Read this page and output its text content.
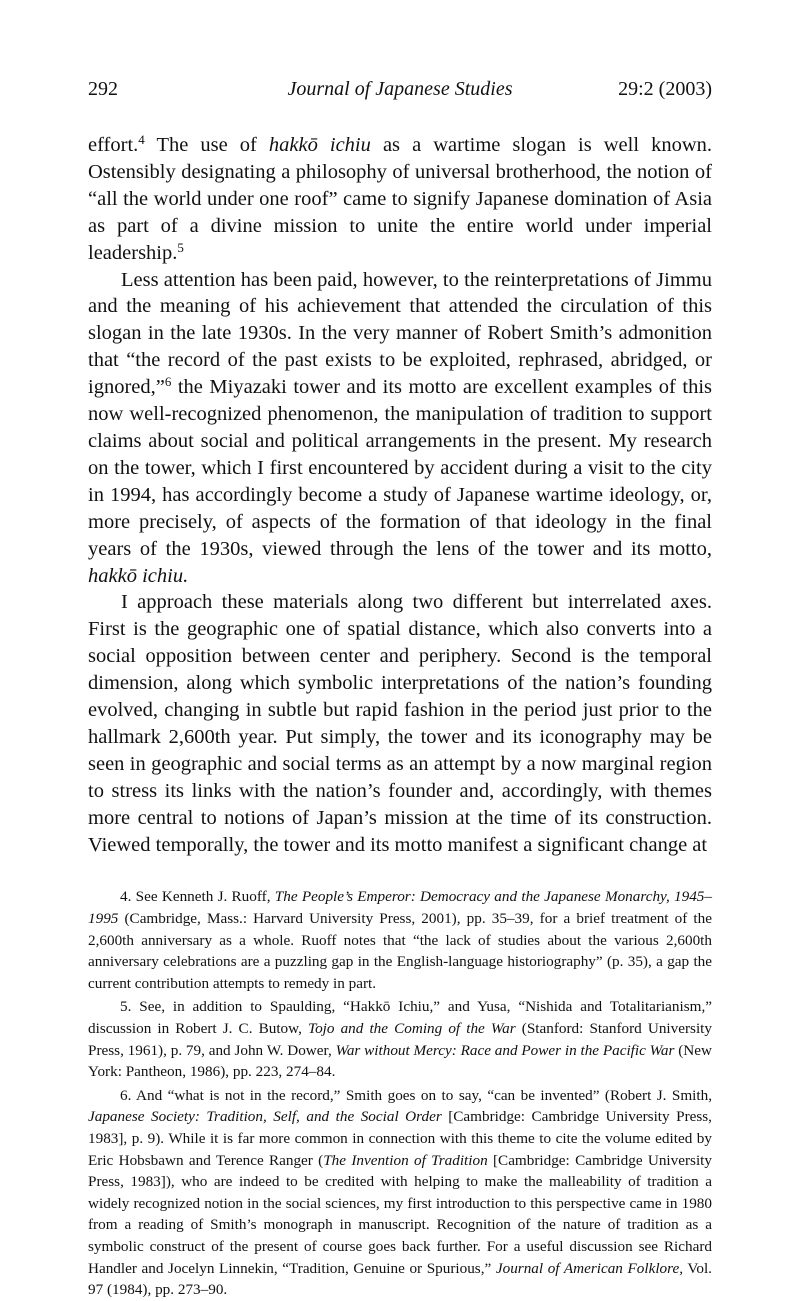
292	Journal of Japanese Studies	29:2 (2003)

effort.$^4$ The use of hakkō ichiu as a wartime slogan is well known. Ostensibly designating a philosophy of universal brotherhood, the notion of “all the world under one roof” came to signify Japanese domination of Asia as part of a divine mission to unite the entire world under imperial leadership.$^5$

Less attention has been paid, however, to the reinterpretations of Jimmu and the meaning of his achievement that attended the circulation of this slogan in the late 1930s. In the very manner of Robert Smith’s admonition that “the record of the past exists to be exploited, rephrased, abridged, or ignored,”$^6$ the Miyazaki tower and its motto are excellent examples of this now well-recognized phenomenon, the manipulation of tradition to support claims about social and political arrangements in the present. My research on the tower, which I first encountered by accident during a visit to the city in 1994, has accordingly become a study of Japanese wartime ideology, or, more precisely, of aspects of the formation of that ideology in the final years of the 1930s, viewed through the lens of the tower and its motto, hakkō ichiu.

I approach these materials along two different but interrelated axes. First is the geographic one of spatial distance, which also converts into a social opposition between center and periphery. Second is the temporal dimension, along which symbolic interpretations of the nation’s founding evolved, changing in subtle but rapid fashion in the period just prior to the hallmark 2,600th year. Put simply, the tower and its iconography may be seen in geographic and social terms as an attempt by a now marginal region to stress its links with the nation’s founder and, accordingly, with themes more central to notions of Japan’s mission at the time of its construction. Viewed temporally, the tower and its motto manifest a significant change at

4. See Kenneth J. Ruoff, The People’s Emperor: Democracy and the Japanese Monarchy, 1945–1995 (Cambridge, Mass.: Harvard University Press, 2001), pp. 35–39, for a brief treatment of the 2,600th anniversary as a whole. Ruoff notes that “the lack of studies about the various 2,600th anniversary celebrations are a puzzling gap in the English-language historiography” (p. 35), a gap the current contribution attempts to remedy in part.

5. See, in addition to Spaulding, “Hakkō Ichiu,” and Yusa, “Nishida and Totalitarianism,” discussion in Robert J. C. Butow, Tojo and the Coming of the War (Stanford: Stanford University Press, 1961), p. 79, and John W. Dower, War without Mercy: Race and Power in the Pacific War (New York: Pantheon, 1986), pp. 223, 274–84.

6. And “what is not in the record,” Smith goes on to say, “can be invented” (Robert J. Smith, Japanese Society: Tradition, Self, and the Social Order [Cambridge: Cambridge University Press, 1983], p. 9). While it is far more common in connection with this theme to cite the volume edited by Eric Hobsbawn and Terence Ranger (The Invention of Tradition [Cambridge: Cambridge University Press, 1983]), who are indeed to be credited with helping to make the malleability of tradition a widely recognized notion in the social sciences, my first introduction to this perspective came in 1980 from a reading of Smith’s monograph in manuscript. Recognition of the nature of tradition as a symbolic construct of the present of course goes back further. For a useful discussion see Richard Handler and Jocelyn Linnekin, “Tradition, Genuine or Spurious,” Journal of American Folklore, Vol. 97 (1984), pp. 273–90.
